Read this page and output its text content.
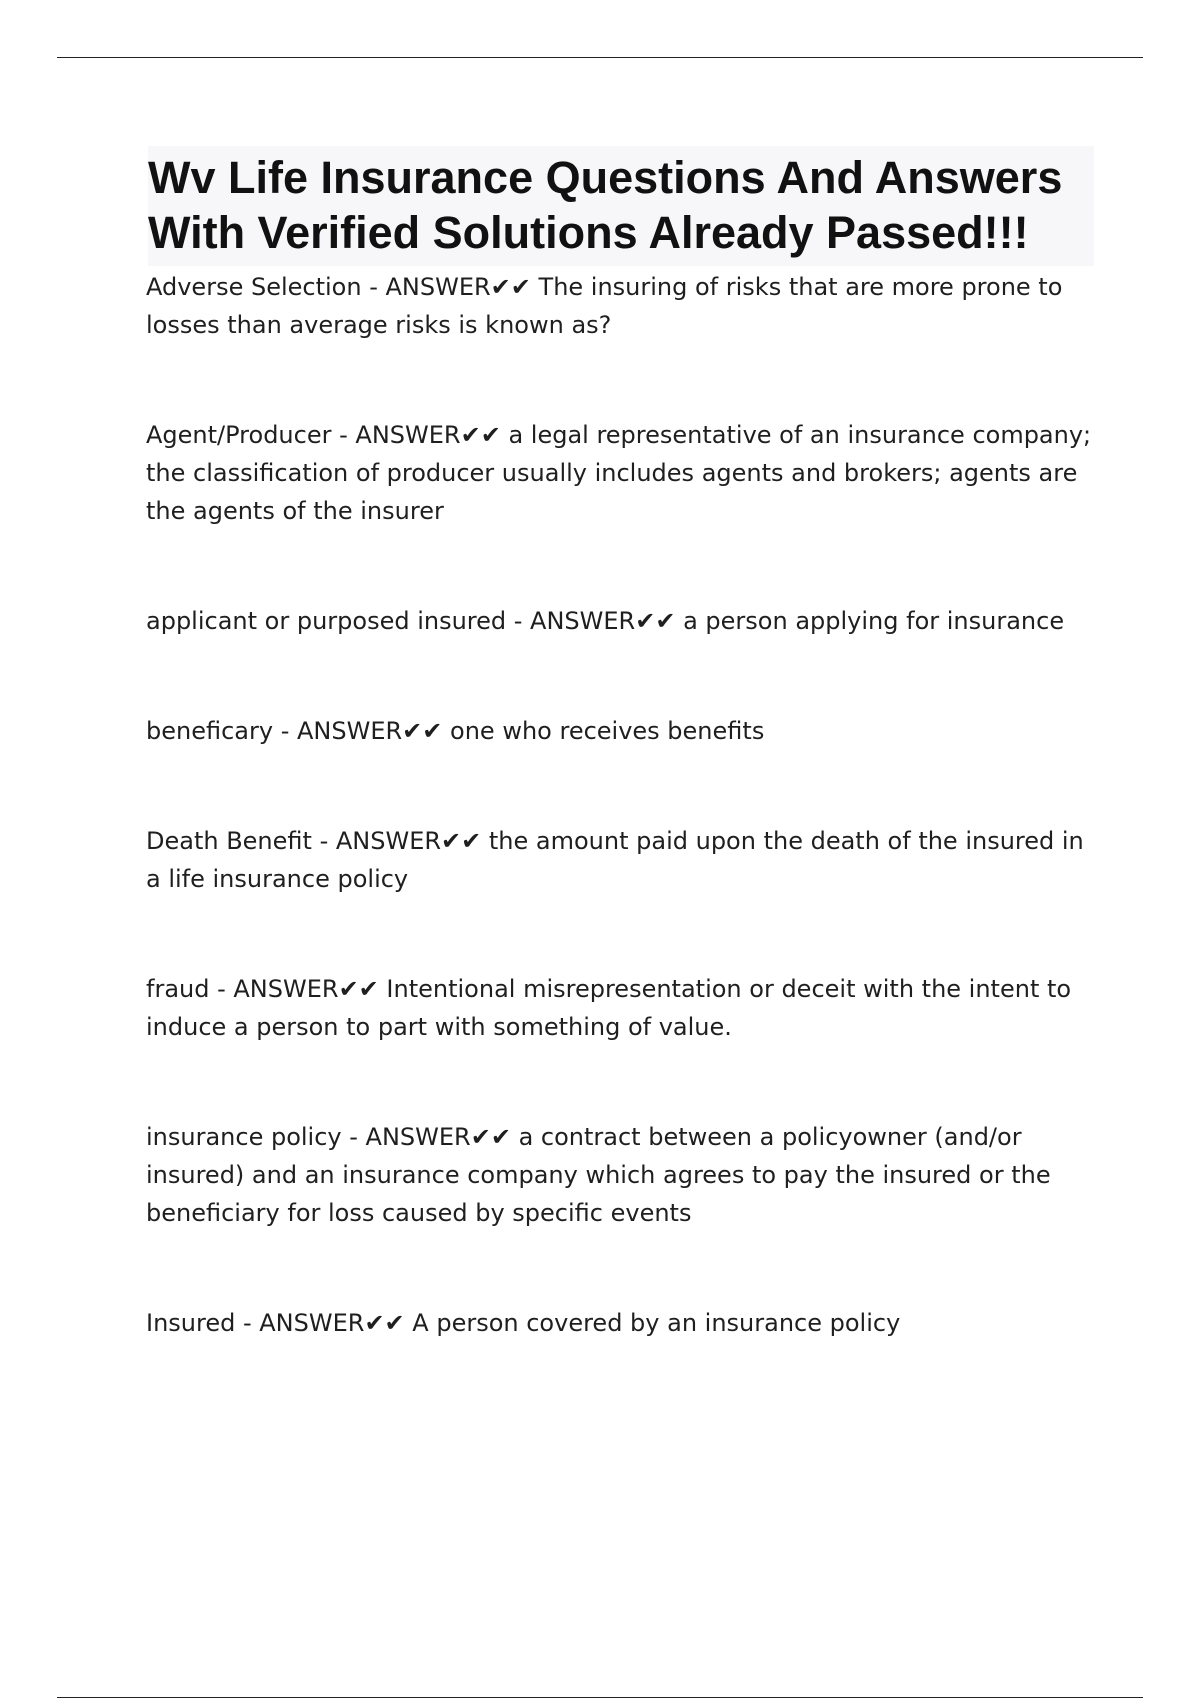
Wv Life Insurance Questions And Answers With Verified Solutions Already Passed!!!

Adverse Selection - ANSWER✔✔ The insuring of risks that are more prone to losses than average risks is known as?

Agent/Producer - ANSWER✔✔ a legal representative of an insurance company; the classification of producer usually includes agents and brokers; agents are the agents of the insurer

applicant or purposed insured - ANSWER✔✔ a person applying for insurance

beneficary - ANSWER✔✔ one who receives benefits

Death Benefit - ANSWER✔✔ the amount paid upon the death of the insured in a life insurance policy

fraud - ANSWER✔✔ Intentional misrepresentation or deceit with the intent to induce a person to part with something of value.

insurance policy - ANSWER✔✔ a contract between a policyowner (and/or insured) and an insurance company which agrees to pay the insured or the beneficiary for loss caused by specific events

Insured - ANSWER✔✔ A person covered by an insurance policy
